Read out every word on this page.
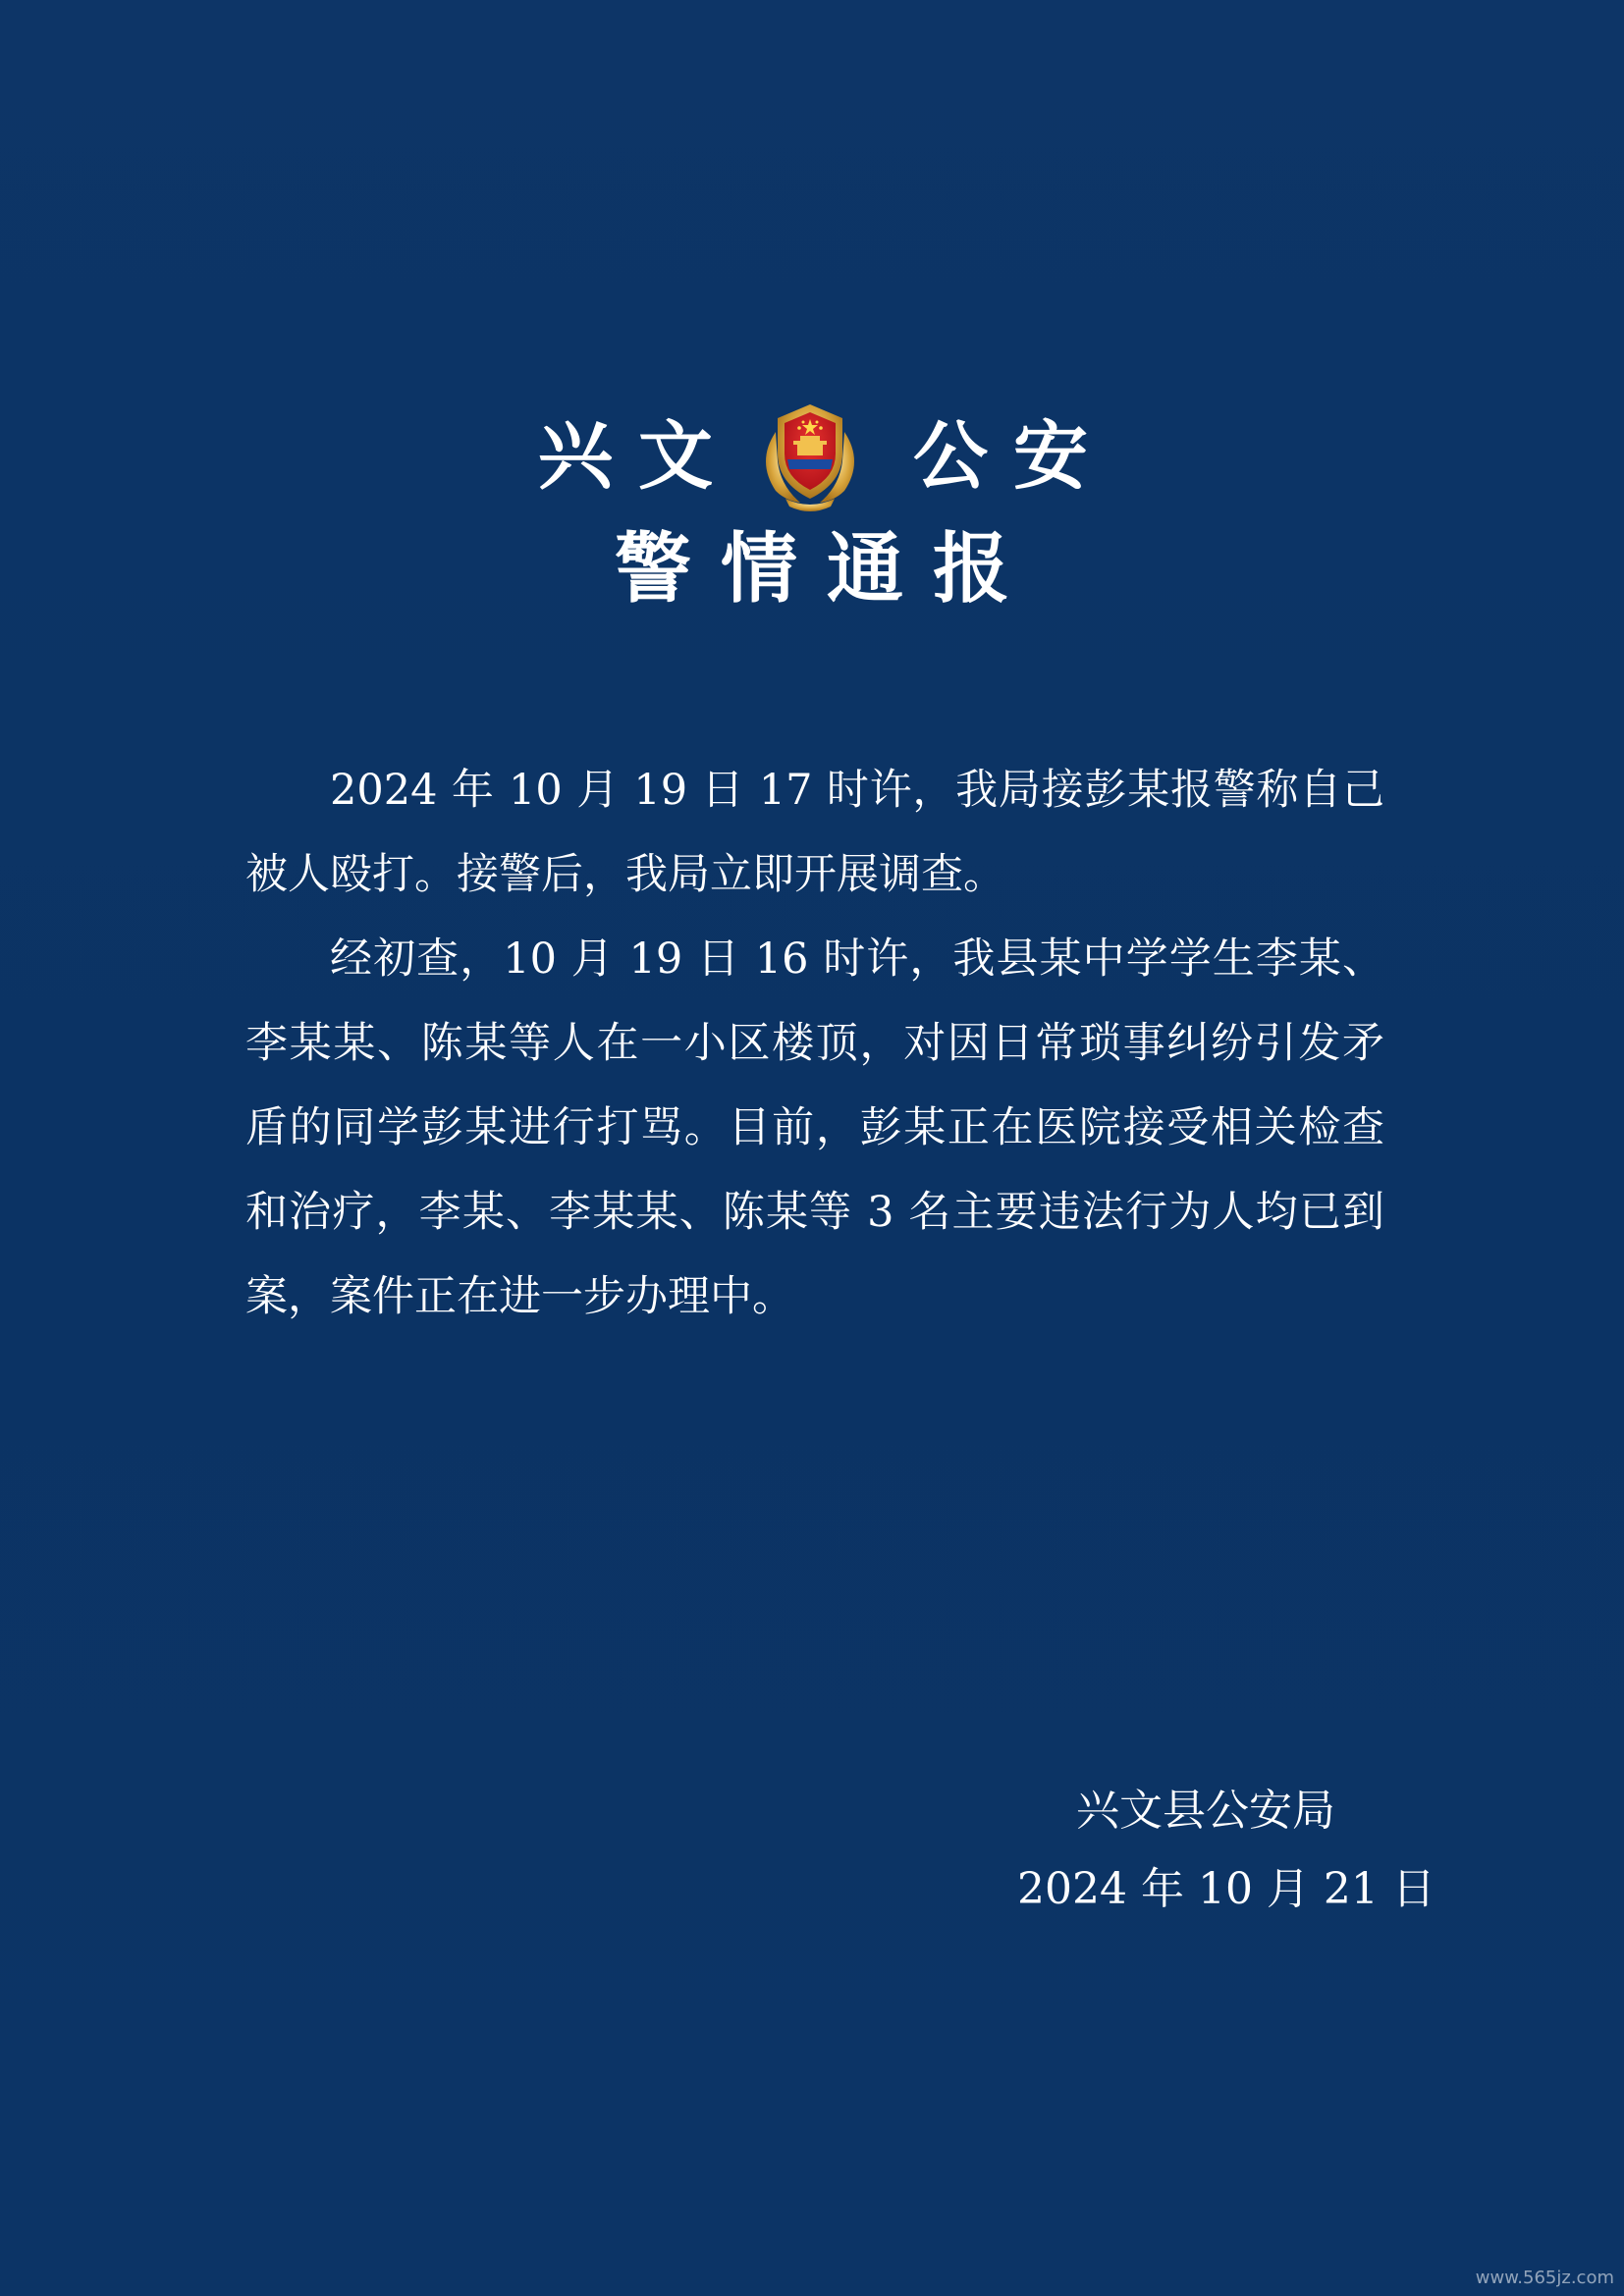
兴 文	公 安
警情通报

2024 年 10 月 19 日 17 时许，我局接彭某报警称自己被人殴打。接警后，我局立即开展调查。

经初查，10 月 19 日 16 时许，我县某中学学生李某、李某某、陈某等人在一小区楼顶，对因日常琐事纠纷引发矛盾的同学彭某进行打骂。目前，彭某正在医院接受相关检查和治疗，李某、李某某、陈某等 3 名主要违法行为人均已到案，案件正在进一步办理中。

兴文县公安局
2024 年 10 月 21 日
www.565jz.com
